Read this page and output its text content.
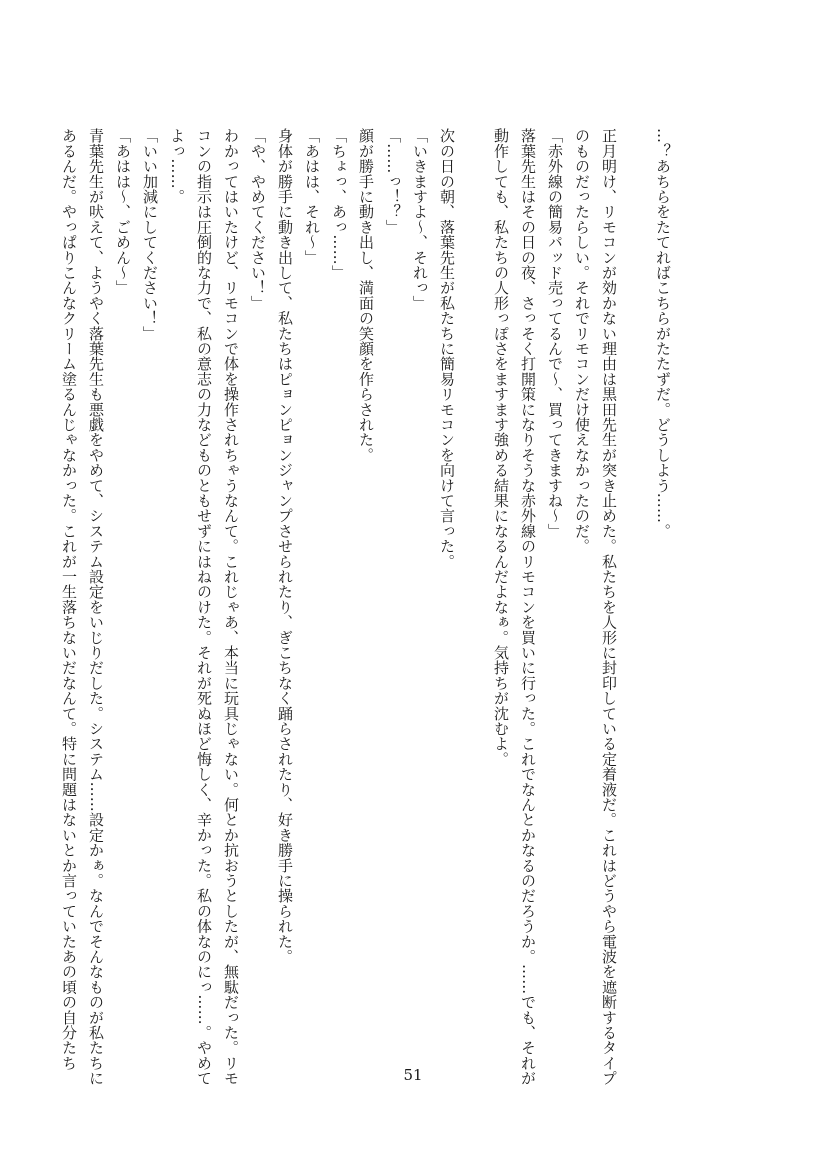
…？あちらをたてればこちらがたたずだ。どうしよう……。
正月明け、リモコンが効かない理由は黒田先生が突き止めた。私たちを人形に封印している定着液だ。これはどうやら電波を遮断するタイプ
のものだったらしい。それでリモコンだけ使えなかったのだ。
「赤外線の簡易パッド売ってるんで〜、買ってきますね〜」
落葉先生はその日の夜、さっそく打開策になりそうな赤外線のリモコンを買いに行った。これでなんとかなるのだろうか。……でも、それが
動作しても、私たちの人形っぽさをますます強める結果になるんだよなぁ。気持ちが沈むよ。
次の日の朝、落葉先生が私たちに簡易リモコンを向けて言った。
「いきますよ〜、それっ」
「……っ！？」
顔が勝手に動き出し、満面の笑顔を作らされた。
「ちょっ、あっ……」
「あはは、それ〜」
身体が勝手に動き出して、私たちはピョンピョンジャンプさせられたり、ぎこちなく踊らされたり、好き勝手に操られた。
「や、やめてください！」
わかってはいたけど、リモコンで体を操作されちゃうなんて。これじゃあ、本当に玩具じゃない。何とか抗おうとしたが、無駄だった。リモ
コンの指示は圧倒的な力で、私の意志の力などものともせずにはねのけた。それが死ぬほど悔しく、辛かった。私の体なのにっ……。やめて
よっ……。
「いい加減にしてください！」
「あはは〜、ごめん〜」
青葉先生が吠えて、ようやく落葉先生も悪戯をやめて、システム設定をいじりだした。システム……設定かぁ。なんでそんなものが私たちに
あるんだ。やっぱりこんなクリーム塗るんじゃなかった。これが一生落ちないだなんて。特に問題はないとか言っていたあの頃の自分たち
51
